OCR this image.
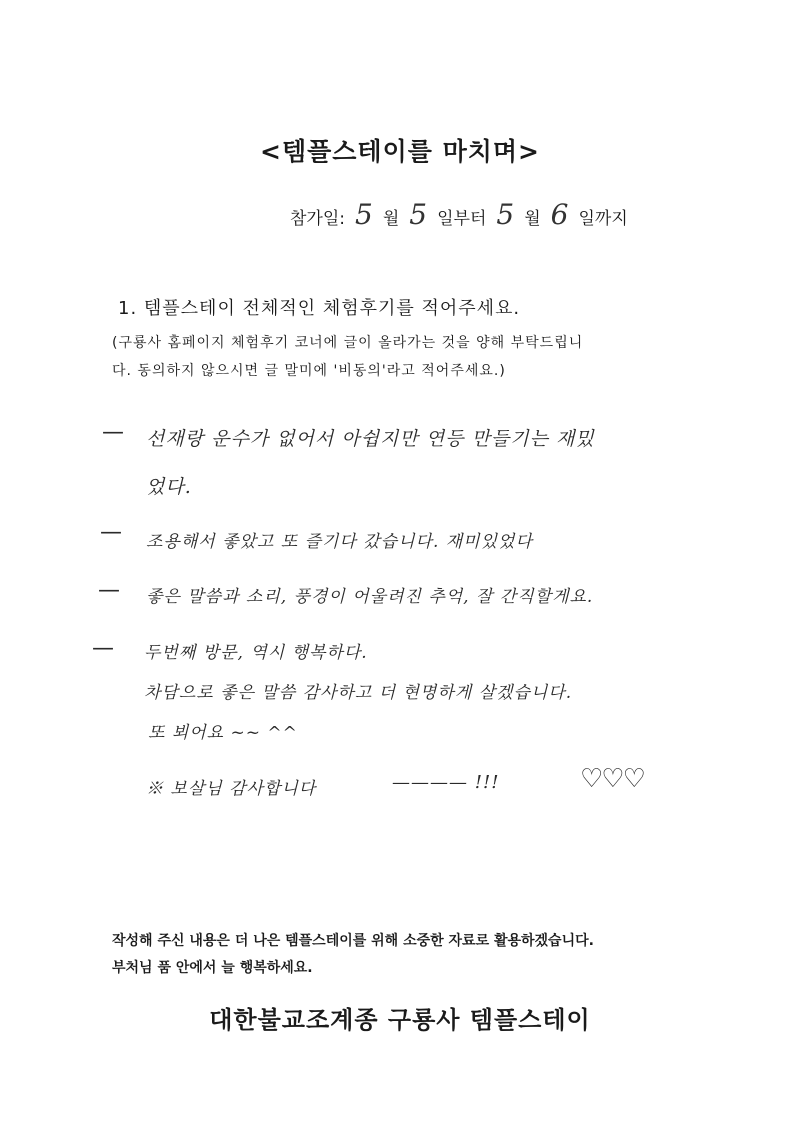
<템플스테이를 마치며>
참가일: 5 월 5 일부터 5 월 6 일까지
1. 템플스테이 전체적인 체험후기를 적어주세요.
(구룡사 홈페이지 체험후기 코너에 글이 올라가는 것을 양해 부탁드립니
다. 동의하지 않으시면 글 말미에 '비동의'라고 적어주세요.)
— 선재랑 운수가 없어서 아쉽지만 연등 만들기는 재밌
었다.
— 조용해서 좋았고 또 즐기다 갔습니다. 재미있었다
— 좋은 말씀과 소리, 풍경이 어울려진 추억, 잘 간직할게요.
— 두번째 방문, 역시 행복하다.
차담으로 좋은 말씀 감사하고 더 현명하게 살겠습니다.
또 뵈어요 ~~ ^^
※ 보살님 감사합니다	———— !!!	♡♡♡
작성해 주신 내용은 더 나은 템플스테이를 위해 소중한 자료로 활용하겠습니다.
부처님 품 안에서 늘 행복하세요.
대한불교조계종 구룡사 템플스테이
